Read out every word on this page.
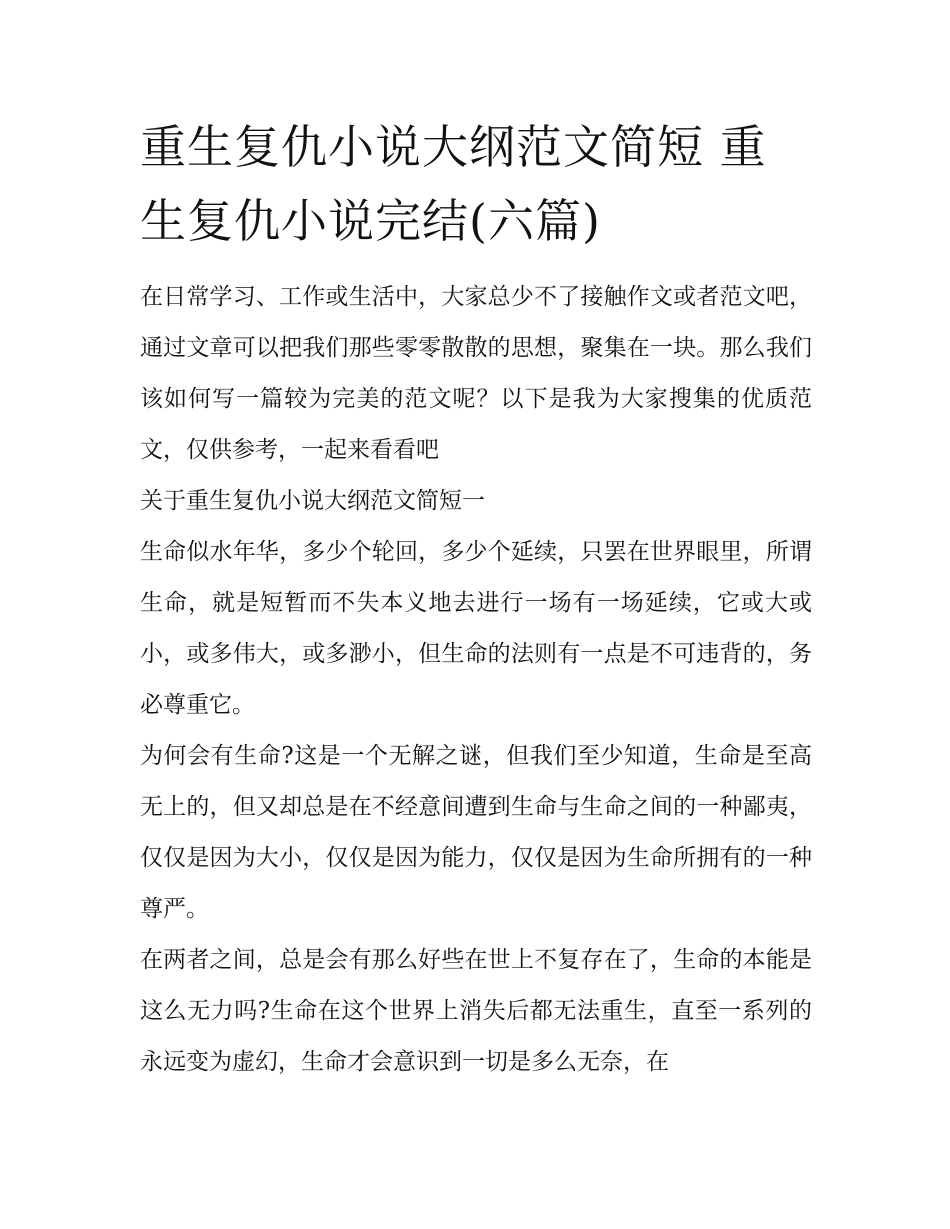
重生复仇小说大纲范文简短 重生复仇小说完结(六篇)

在日常学习、工作或生活中，大家总少不了接触作文或者范文吧，通过文章可以把我们那些零零散散的思想，聚集在一块。那么我们该如何写一篇较为完美的范文呢？以下是我为大家搜集的优质范文，仅供参考，一起来看看吧

关于重生复仇小说大纲范文简短一

生命似水年华，多少个轮回，多少个延续，只罢在世界眼里，所谓生命，就是短暂而不失本义地去进行一场有一场延续，它或大或小，或多伟大，或多渺小，但生命的法则有一点是不可违背的，务必尊重它。

为何会有生命?这是一个无解之谜，但我们至少知道，生命是至高无上的，但又却总是在不经意间遭到生命与生命之间的一种鄙夷，仅仅是因为大小，仅仅是因为能力，仅仅是因为生命所拥有的一种尊严。

在两者之间，总是会有那么好些在世上不复存在了，生命的本能是这么无力吗?生命在这个世界上消失后都无法重生，直至一系列的永远变为虚幻，生命才会意识到一切是多么无奈，在
